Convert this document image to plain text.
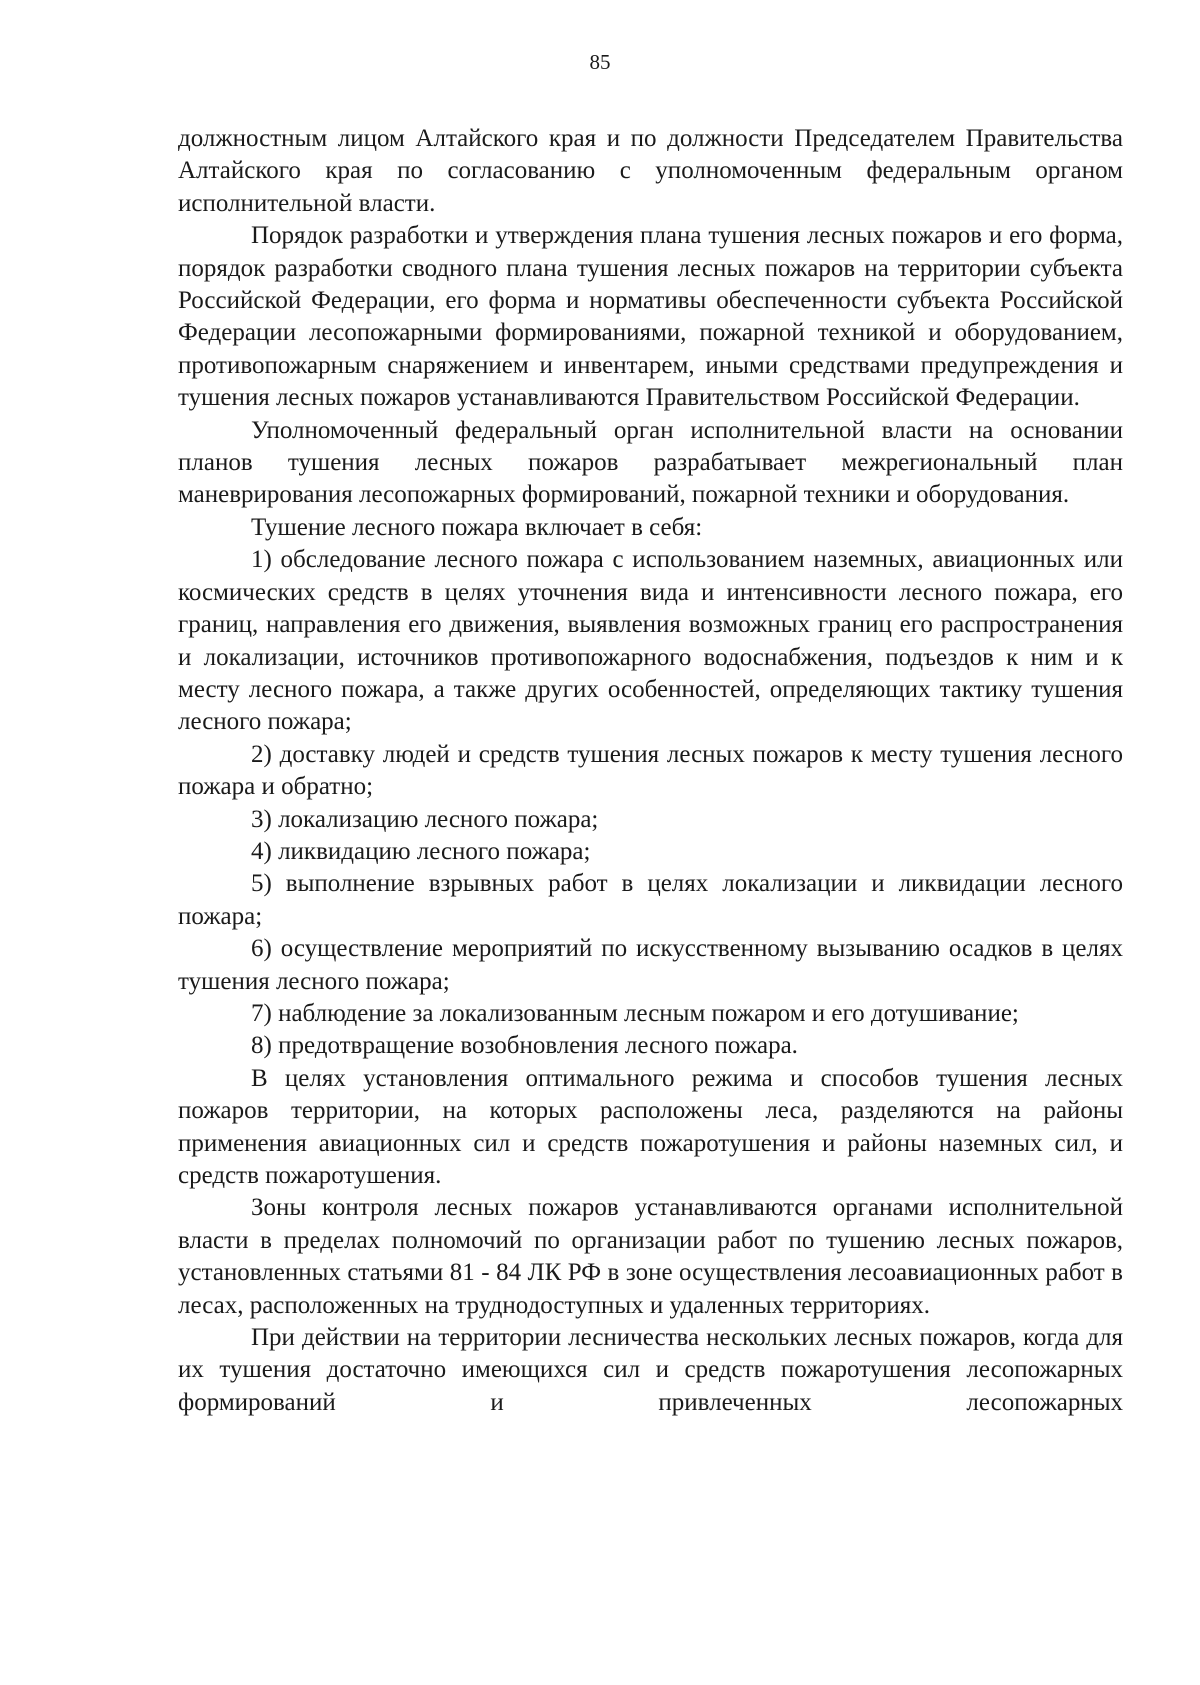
85

должностным лицом Алтайского края и по должности Председателем Правительства Алтайского края по согласованию с уполномоченным федеральным органом исполнительной власти.

Порядок разработки и утверждения плана тушения лесных пожаров и его форма, порядок разработки сводного плана тушения лесных пожаров на территории субъекта Российской Федерации, его форма и нормативы обеспеченности субъекта Российской Федерации лесопожарными формированиями, пожарной техникой и оборудованием, противопожарным снаряжением и инвентарем, иными средствами предупреждения и тушения лесных пожаров устанавливаются Правительством Российской Федерации.

Уполномоченный федеральный орган исполнительной власти на основании планов тушения лесных пожаров разрабатывает межрегиональный план маневрирования лесопожарных формирований, пожарной техники и оборудования.

Тушение лесного пожара включает в себя:

1) обследование лесного пожара с использованием наземных, авиационных или космических средств в целях уточнения вида и интенсивности лесного пожара, его границ, направления его движения, выявления возможных границ его распространения и локализации, источников противопожарного водоснабжения, подъездов к ним и к месту лесного пожара, а также других особенностей, определяющих тактику тушения лесного пожара;

2) доставку людей и средств тушения лесных пожаров к месту тушения лесного пожара и обратно;

3) локализацию лесного пожара;

4) ликвидацию лесного пожара;

5) выполнение взрывных работ в целях локализации и ликвидации лесного пожара;

6) осуществление мероприятий по искусственному вызыванию осадков в целях тушения лесного пожара;

7) наблюдение за локализованным лесным пожаром и его дотушивание;

8) предотвращение возобновления лесного пожара.

В целях установления оптимального режима и способов тушения лесных пожаров территории, на которых расположены леса, разделяются на районы применения авиационных сил и средств пожаротушения и районы наземных сил, и средств пожаротушения.

Зоны контроля лесных пожаров устанавливаются органами исполнительной власти в пределах полномочий по организации работ по тушению лесных пожаров, установленных статьями 81 - 84 ЛК РФ в зоне осуществления лесоавиационных работ в лесах, расположенных на труднодоступных и удаленных территориях.

При действии на территории лесничества нескольких лесных пожаров, когда для их тушения достаточно имеющихся сил и средств пожаротушения лесопожарных формирований и привлеченных лесопожарных
